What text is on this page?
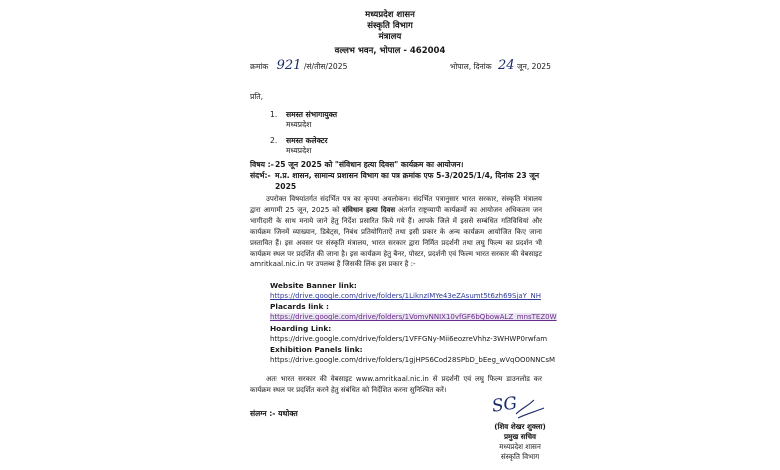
मध्यप्रदेश शासन
संस्कृति विभाग
मंत्रालय
वल्लभ भवन, भोपाल - 462004
क्रमांक 921 /सं/तीस/2025	भोपाल, दिनांक 24 जून, 2025
प्रति,
1. समस्त संभागायुक्त
मध्यप्रदेश
2. समस्त कलेक्टर
मध्यप्रदेश
विषय :- 25 जून 2025 को "संविधान हत्या दिवस" कार्यक्रम का आयोजन।
संदर्भ:- म.प्र. शासन, सामान्य प्रशासन विभाग का पत्र क्रमांक एफ 5-3/2025/1/4, दिनांक 23 जून
2025
उपरोक्त विषयांतर्गत संदर्भित पत्र का कृपया अवलोकन। संदर्भित पत्रानुसार भारत सरकार, संस्कृति मंत्रालय द्वारा आगामी 25 जून, 2025 को संविधान हत्या दिवस अंतर्गत राष्ट्रव्यापी कार्यक्रमों का आयोजन अधिकतम जन भागीदारी के साथ मनाये जाने हेतु निर्देश प्रसारित किये गये हैं। आपके जिले में इससे सम्बंधित गतिविधियां और कार्यक्रम जिनमें व्याख्यान, डिबेट्स, निबंध प्रतियोगिताऐं तथा इसी प्रकार के अन्य कार्यक्रम आयोजित किए जाना प्रस्तावित हैं। इस अवसर पर संस्कृति मंत्रालय, भारत सरकार द्वारा निर्मित प्रदर्शनी तथा लघु फिल्म का प्रदर्शन भी कार्यक्रम स्थल पर प्रदर्शित की जाना है। इस कार्यक्रम हेतु बैनर, पोस्टर, प्रदर्शनी एवं फिल्म भारत सरकार की वेबसाइट amritkaal.nic.in पर उपलब्ध है जिसकी लिंक इस प्रकार है :-
Website Banner link:
https://drive.google.com/drive/folders/1LiknzIMYe43eZAsumt5t6zh69SjaY_NH
Placards link :
https://drive.google.com/drive/folders/1VomvNNIX10vfGF6bQbowALZ_mnsTEZ0W
Hoarding Link:
https://drive.google.com/drive/folders/1VFFGNy-Mii6eozreVhhz-3WHWP0rwfam
Exhibition Panels link:
https://drive.google.com/drive/folders/1gjHPS6Cod28SPbD_bEeg_wVqOO0NNCsM
अतः भारत सरकार की वेबसाइट www.amritkaal.nic.in से प्रदर्शनी एवं लघु फिल्म डाउनलोड कर कार्यक्रम स्थल पर प्रदर्शित करने हेतु संबंधित को निर्देशित करना सुनिश्चित करें।
संलग्न :- यथोक्त	SG
(शिव शेखर शुक्ला)
प्रमुख सचिव
मध्यप्रदेश शासन
संस्कृति विभाग
